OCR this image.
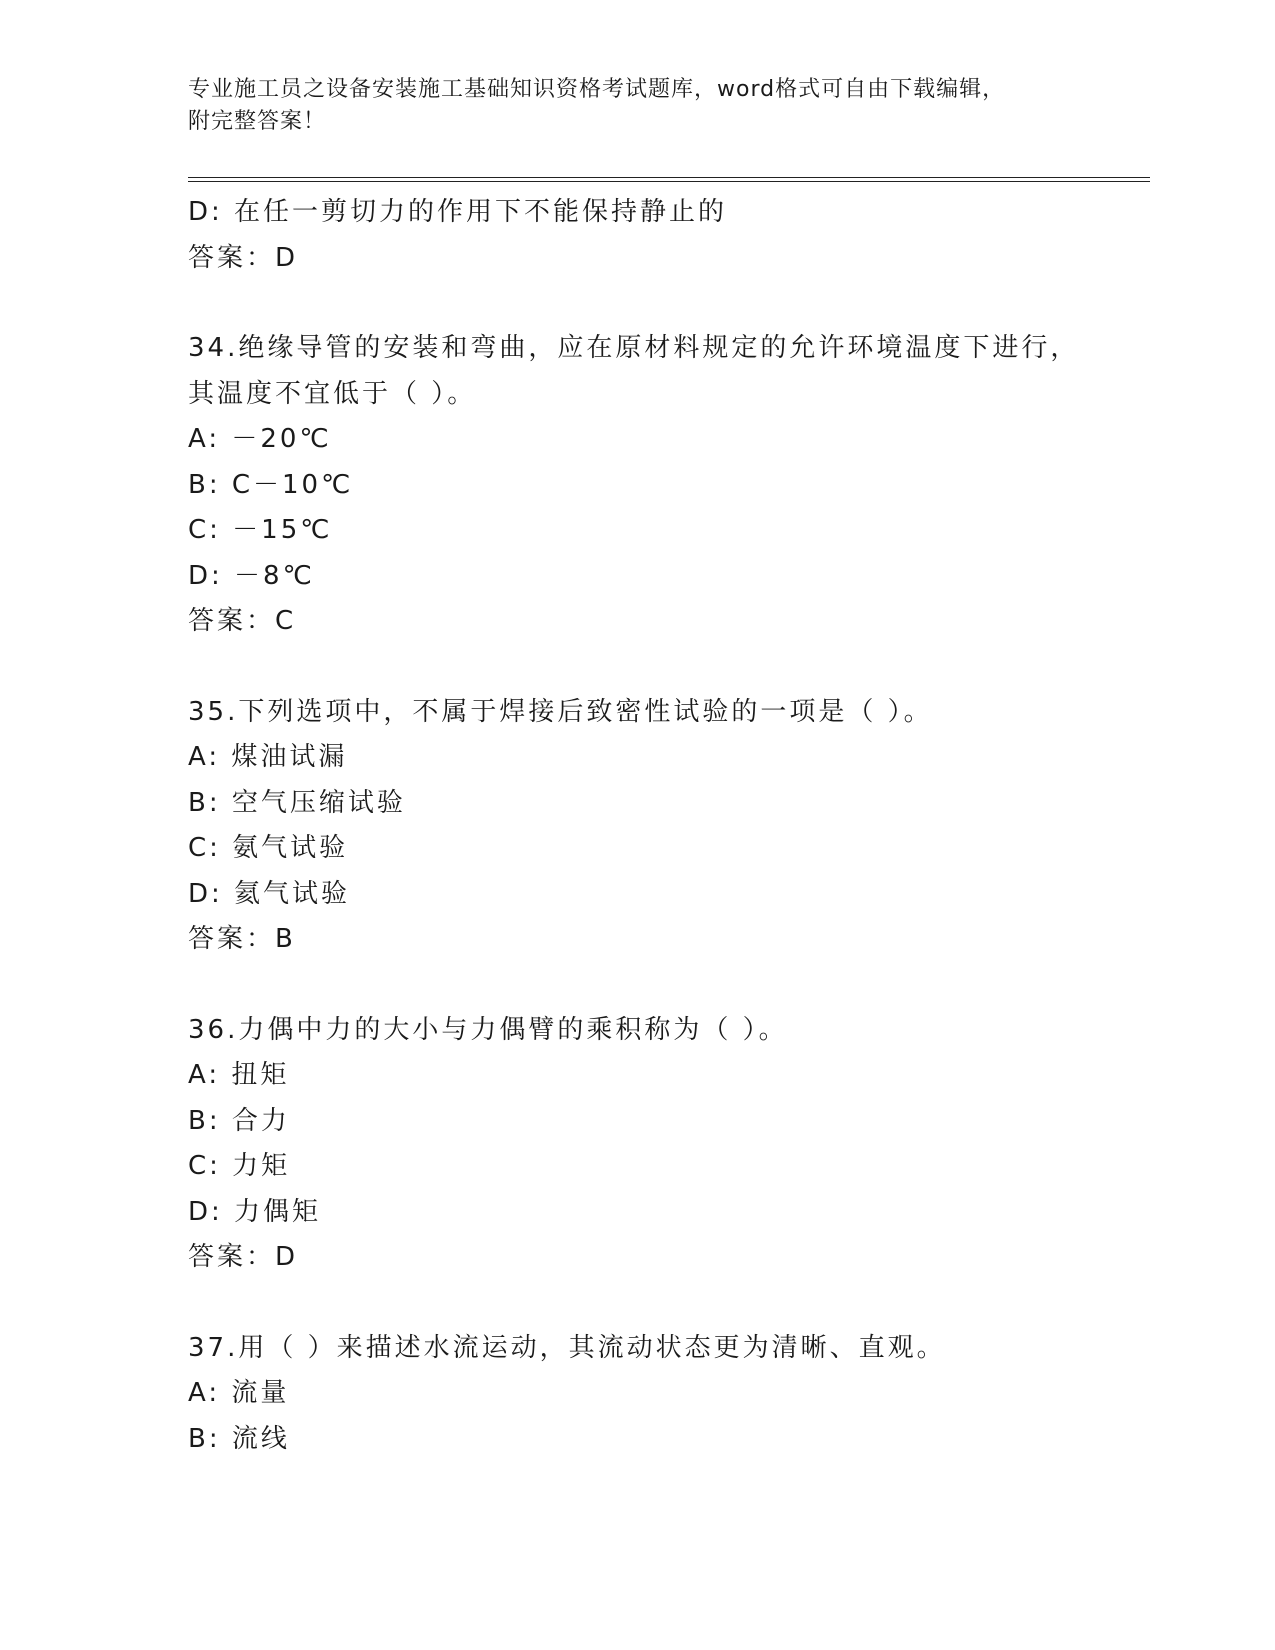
专业施工员之设备安装施工基础知识资格考试题库，word格式可自由下载编辑，
附完整答案！
D: 在任一剪切力的作用下不能保持静止的
答案：D
34.绝缘导管的安装和弯曲，应在原材料规定的允许环境温度下进行，
其温度不宜低于（ ）。
A: －20℃
B: C－10℃
C: －15℃
D: －8℃
答案：C
35.下列选项中，不属于焊接后致密性试验的一项是（ ）。
A: 煤油试漏
B: 空气压缩试验
C: 氨气试验
D: 氦气试验
答案：B
36.力偶中力的大小与力偶臂的乘积称为（ ）。
A: 扭矩
B: 合力
C: 力矩
D: 力偶矩
答案：D
37.用（ ）来描述水流运动，其流动状态更为清晰、直观。
A: 流量
B: 流线
